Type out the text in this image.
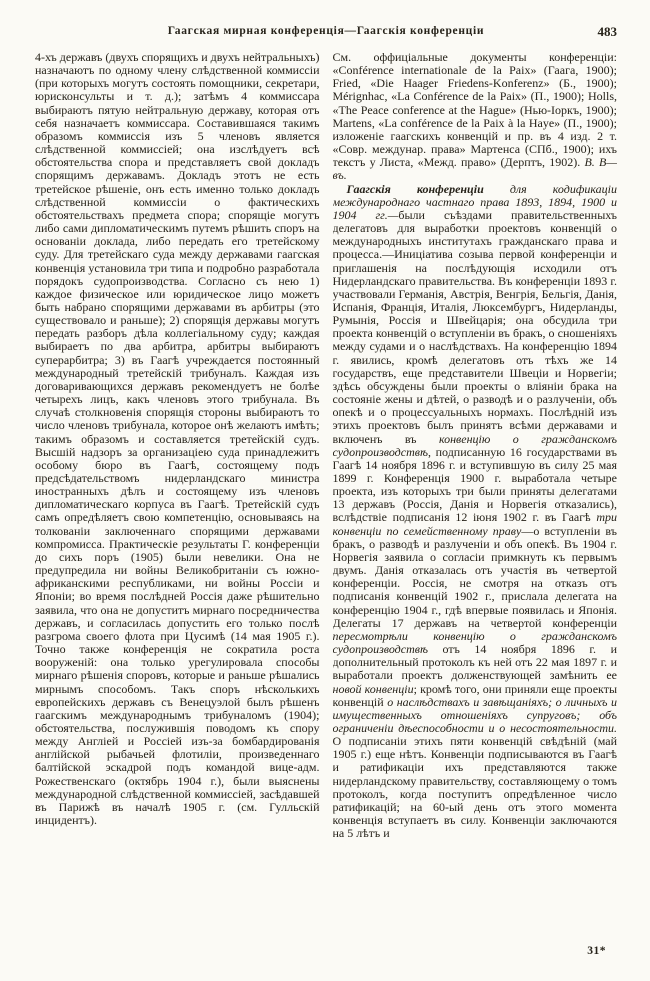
Гаагская мирная конференція—Гаагскія конференціи	483

4-хъ державъ (двухъ спорящихъ и двухъ нейтральныхъ) назначаютъ по одному члену слѣдственной коммиссіи (при которыхъ могутъ состоять помощники, секретари, юрисконсульты и т. д.); затѣмъ 4 коммиссара выбираютъ пятую нейтральную державу, которая отъ себя назначаетъ коммиссара. Составившаяся такимъ образомъ коммиссія изъ 5 членовъ является слѣдственной коммиссіей; она изслѣдуетъ всѣ обстоятельства спора и представляетъ свой докладъ спорящимъ державамъ. Докладъ этотъ не есть третейское рѣшеніе, онъ есть именно только докладъ слѣдственной коммиссіи о фактическихъ обстоятельствахъ предмета спора; спорящіе могутъ либо сами дипломатическимъ путемъ рѣшить споръ на основаніи доклада, либо передать его третейскому суду. Для третейскаго суда между державами гаагская конвенція установила три типа и подробно разработала порядокъ судопроизводства. Согласно съ нею 1) каждое физическое или юридическое лицо можетъ быть набрано спорящими державами въ арбитры (это существовало и раньше); 2) спорящія державы могутъ передать разборъ дѣла коллегіальному суду; каждая выбираетъ по два арбитра, арбитры выбираютъ суперарбитра; 3) въ Гаагѣ учреждается постоянный международный третейскій трибуналъ. Каждая изъ договаривающихся державъ рекомендуетъ не болѣе четырехъ лицъ, какъ членовъ этого трибунала. Въ случаѣ столкновенія спорящія стороны выбираютъ то число членовъ трибунала, которое онѣ желаютъ имѣть; такимъ образомъ и составляется третейскій судъ. Высшій надзоръ за организаціею суда принадлежитъ особому бюро въ Гаагѣ, состоящему подъ предсѣдательствомъ нидерландскаго министра иностранныхъ дѣлъ и состоящему изъ членовъ дипломатическаго корпуса въ Гаагѣ. Третейскій судъ самъ опредѣляетъ свою компетенцію, основываясь на толкованіи заключеннаго спорящими державами компромисса. Практическіе результаты Г. конференціи до сихъ поръ (1905) были невелики. Она не предупредила ни войны Великобританіи съ южно-африканскими республиками, ни войны Россіи и Японіи; во время послѣдней Россія даже рѣшительно заявила, что она не допуститъ мирнаго посредничества державъ, и согласилась допустить его только послѣ разгрома своего флота при Цусимѣ (14 мая 1905 г.). Точно также конференція не сократила роста вооруженій: она только урегулировала способы мирнаго рѣшенія споровъ, которые и раньше рѣшались мирнымъ способомъ. Такъ споръ нѣсколькихъ европейскихъ державъ съ Венецуэлой былъ рѣшенъ гаагскимъ международнымъ трибуналомъ (1904); обстоятельства, послужившія поводомъ къ спору между Англіей и Россіей изъ-за бомбардированія англійской рыбачьей флотиліи, произведеннаго балтійской эскадрой подъ командой вице-адм. Рожественскаго (октябрь 1904 г.), были выяснены международной слѣдственной коммиссіей, засѣдавшей въ Парижѣ въ началѣ 1905 г. (см. Гулльскій инцидентъ).

См. оффиціальные документы конференціи: «Conférence internationale de la Paix» (Гаага, 1900); Fried, «Die Haager Friedens-Konferenz» (Б., 1900); Mérignhac, «La Conférence de la Paix» (П., 1900); Holls, «The Peace conference at the Hague» (Нью-Іоркъ, 1900); Martens, «La conférence de la Paix à la Haye» (П., 1900); изложеніе гаагскихъ конвенцій и пр. въ 4 изд. 2 т. «Совр. междунар. права» Мартенса (СПб., 1900); ихъ текстъ у Листа, «Межд. право» (Дерптъ, 1902). В. В—въ.

Гаагскія конференціи для кодификаціи международнаго частнаго права 1893, 1894, 1900 и 1904 гг.—были съѣздами правительственныхъ делегатовъ для выработки проектовъ конвенцій о международныхъ институтахъ гражданскаго права и процесса.—Иниціатива созыва первой конференціи и приглашенія на послѣдующія исходили отъ Нидерландскаго правительства. Въ конференціи 1893 г. участвовали Германія, Австрія, Венгрія, Бельгія, Данія, Испанія, Франція, Италія, Люксембургъ, Нидерланды, Румынія, Россія и Швейцарія; она обсудила три проекта конвенцій о вступленіи въ бракъ, о сношеніяхъ между судами и о наслѣдствахъ. На конференцію 1894 г. явились, кромѣ делегатовъ отъ тѣхъ же 14 государствъ, еще представители Швеціи и Норвегіи; здѣсь обсуждены были проекты о вліяніи брака на состояніе жены и дѣтей, о разводѣ и о разлученіи, объ опекѣ и о процессуальныхъ нормахъ. Послѣдній изъ этихъ проектовъ былъ принятъ всѣми державами и включенъ въ конвенцію о гражданскомъ судопроизводствѣ, подписанную 16 государствами въ Гаагѣ 14 ноября 1896 г. и вступившую въ силу 25 мая 1899 г. Конференція 1900 г. выработала четыре проекта, изъ которыхъ три были приняты делегатами 13 державъ (Россія, Данія и Норвегія отказались), вслѣдствіе подписанія 12 іюня 1902 г. въ Гаагѣ три конвенціи по семейственному праву—о вступленіи въ бракъ, о разводѣ и разлученіи и объ опекѣ. Въ 1904 г. Норвегія заявила о согласіи примкнуть къ первымъ двумъ. Данія отказалась отъ участія въ четвертой конференціи. Россія, не смотря на отказъ отъ подписанія конвенцій 1902 г., прислала делегата на конференцію 1904 г., гдѣ впервые появилась и Японія. Делегаты 17 державъ на четвертой конференціи пересмотрѣли конвенцію о гражданскомъ судопроизводствѣ отъ 14 ноября 1896 г. и дополнительный протоколъ къ ней отъ 22 мая 1897 г. и выработали проектъ долженствующей замѣнить ее новой конвенціи; кромѣ того, они приняли еще проекты конвенцій о наслѣдствахъ и завѣщаніяхъ; о личныхъ и имущественныхъ отношеніяхъ супруговъ; объ ограниченіи дѣеспособности и о несостоятельности. О подписаніи этихъ пяти конвенцій свѣдѣній (май 1905 г.) еще нѣтъ. Конвенціи подписываются въ Гаагѣ и ратификаціи ихъ представляются также нидерландскому правительству, составляющему о томъ протоколъ, когда поступитъ опредѣленное число ратификацій; на 60-ый день отъ этого момента конвенція вступаетъ въ силу. Конвенціи заключаются на 5 лѣтъ и

31*
